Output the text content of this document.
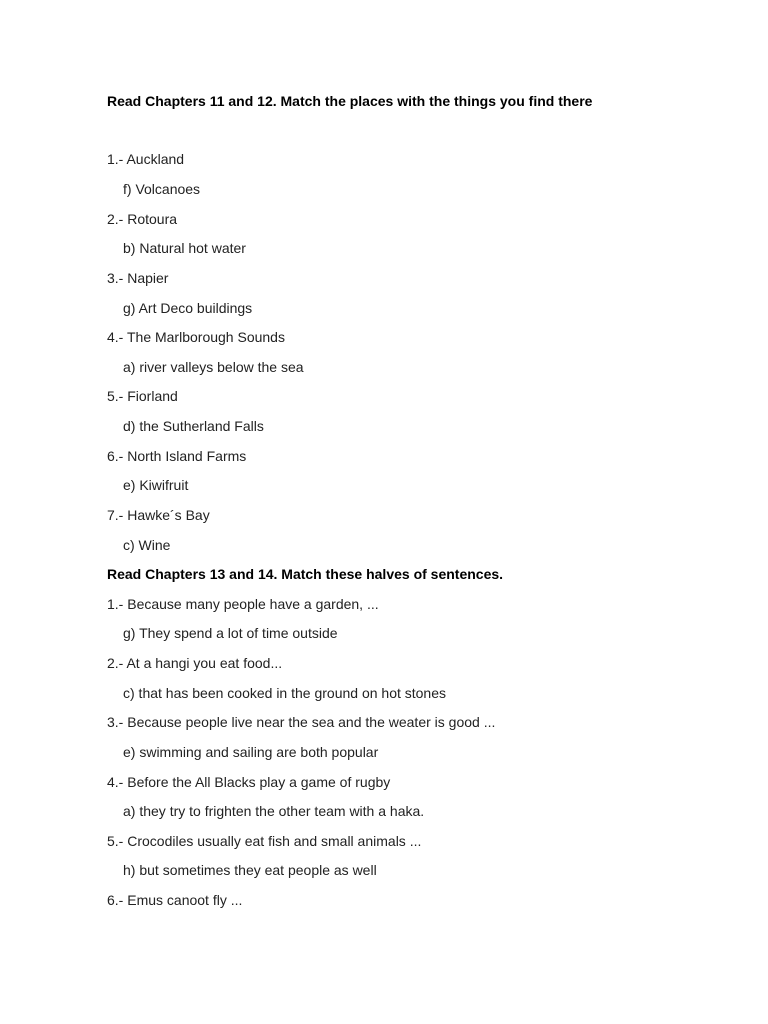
Read Chapters 11 and 12. Match the places with the things you find there
1.- Auckland
f) Volcanoes
2.- Rotoura
b) Natural hot water
3.- Napier
g) Art Deco buildings
4.- The Marlborough Sounds
a) river valleys below the sea
5.- Fiorland
d) the Sutherland Falls
6.- North Island Farms
e) Kiwifruit
7.- Hawke´s Bay
c) Wine
Read Chapters 13 and 14. Match these halves of sentences.
1.- Because many people have a garden, ...
g) They spend a lot of time outside
2.- At a hangi you eat food...
c) that has been cooked in the ground on hot stones
3.- Because people live near the sea and the weater is good ...
e) swimming and sailing are both popular
4.- Before the All Blacks play a game of rugby
a) they try to frighten the other team with a haka.
5.- Crocodiles usually eat fish and small animals ...
h) but sometimes they eat people as well
6.- Emus canoot fly ...
